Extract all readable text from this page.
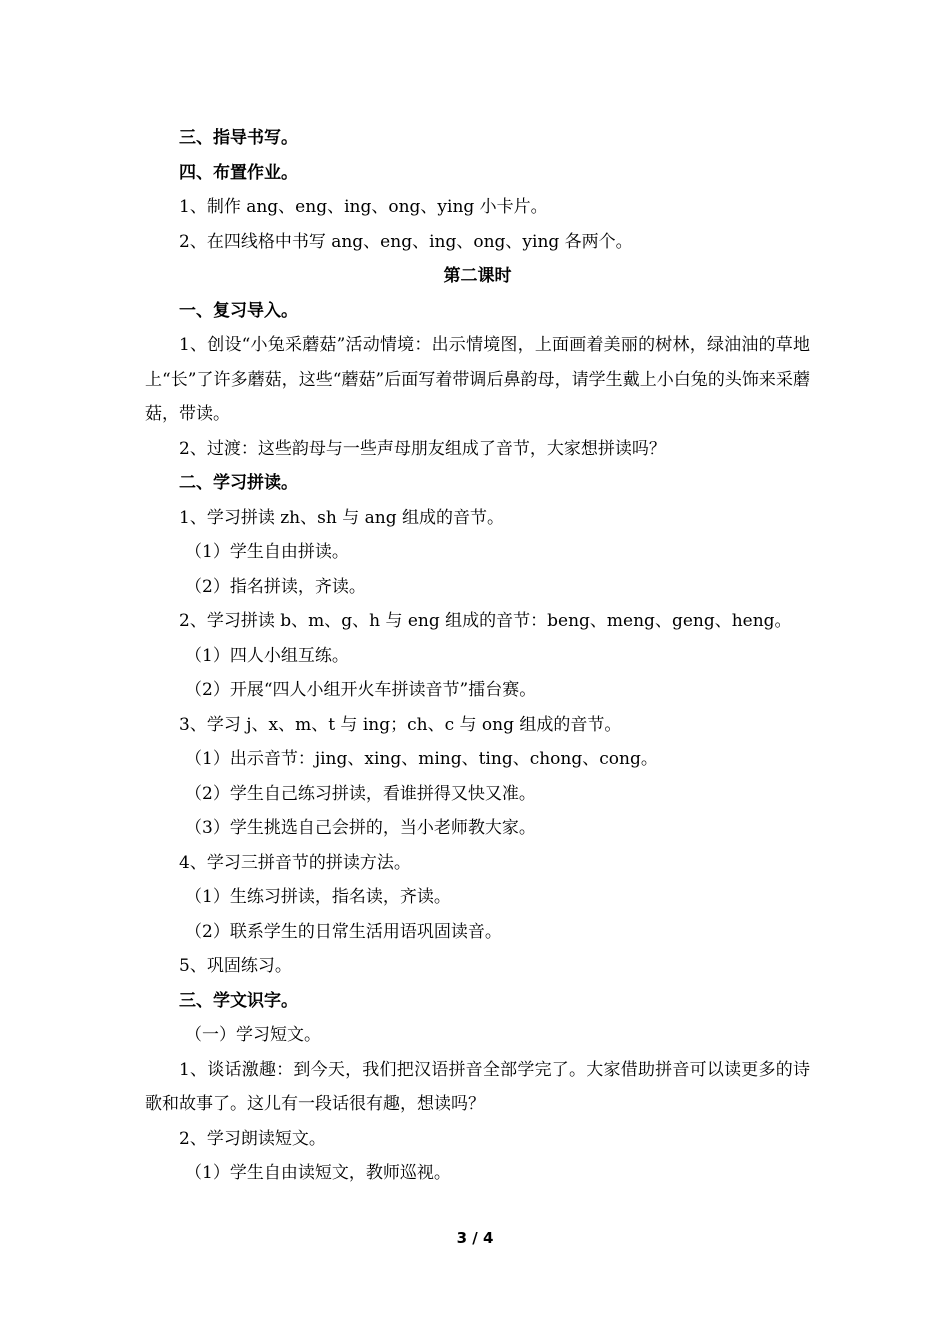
三、指导书写。
四、布置作业。
1、制作 ang、eng、ing、ong、ying 小卡片。
2、在四线格中书写 ang、eng、ing、ong、ying 各两个。
第二课时
一、复习导入。
1、创设“小兔采蘑菇”活动情境：出示情境图，上面画着美丽的树林，绿油油的草地上“长”了许多蘑菇，这些“蘑菇”后面写着带调后鼻韵母，请学生戴上小白兔的头饰来采蘑菇，带读。
2、过渡：这些韵母与一些声母朋友组成了音节，大家想拼读吗？
二、学习拼读。
1、学习拼读 zh、sh 与 ang 组成的音节。
（1）学生自由拼读。
（2）指名拼读，齐读。
2、学习拼读 b、m、g、h 与 eng 组成的音节：beng、meng、geng、heng。
（1）四人小组互练。
（2）开展“四人小组开火车拼读音节”擂台赛。
3、学习 j、x、m、t 与 ing；ch、c 与 ong 组成的音节。
（1）出示音节：jing、xing、ming、ting、chong、cong。
（2）学生自己练习拼读，看谁拼得又快又准。
（3）学生挑选自己会拼的，当小老师教大家。
4、学习三拼音节的拼读方法。
（1）生练习拼读，指名读，齐读。
（2）联系学生的日常生活用语巩固读音。
5、巩固练习。
三、学文识字。
（一）学习短文。
1、谈话激趣：到今天，我们把汉语拼音全部学完了。大家借助拼音可以读更多的诗歌和故事了。这儿有一段话很有趣，想读吗？
2、学习朗读短文。
（1）学生自由读短文，教师巡视。
3 / 4
